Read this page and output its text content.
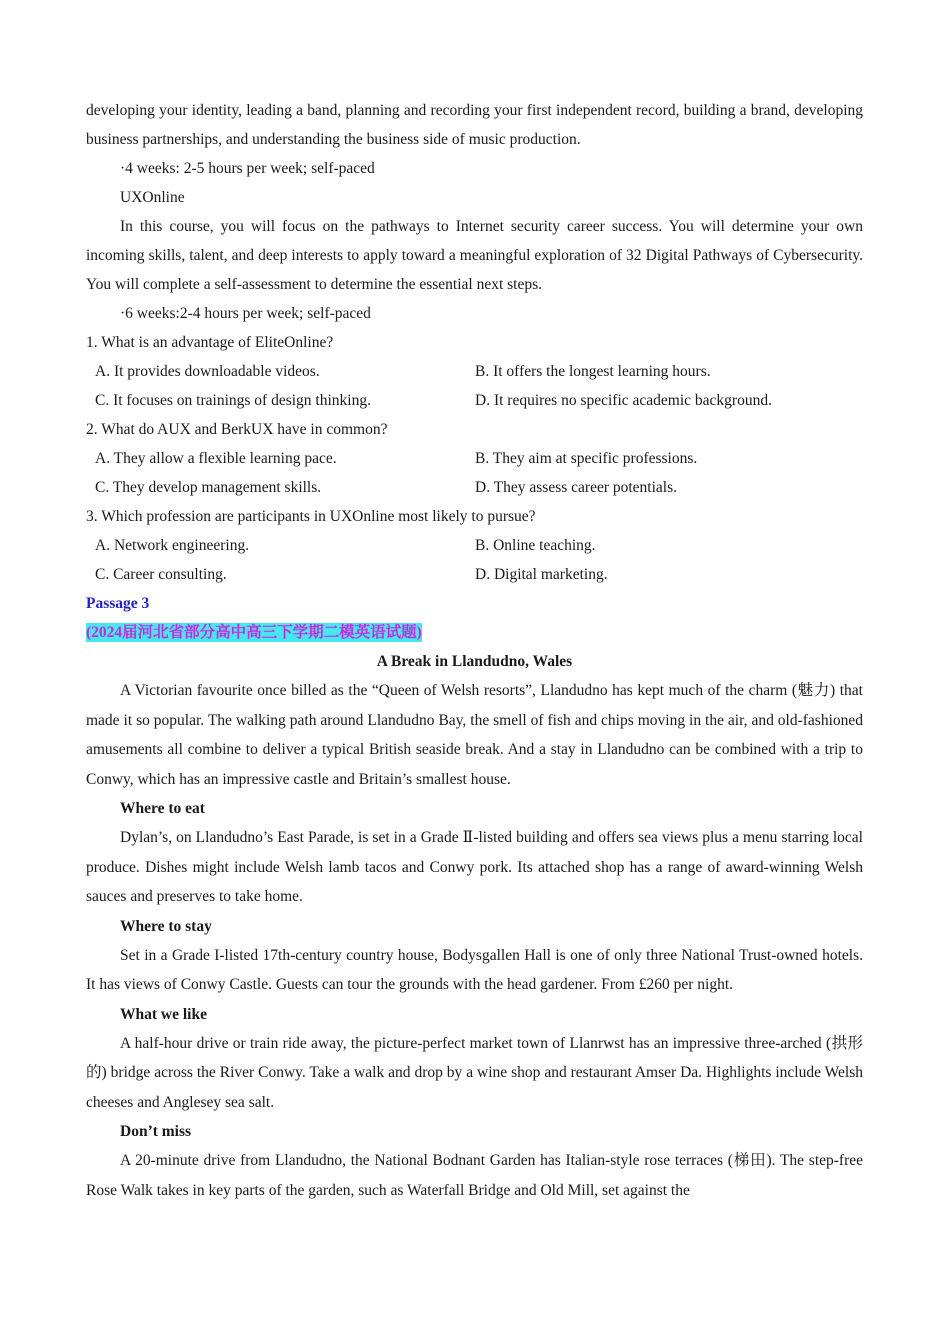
developing your identity, leading a band, planning and recording your first independent record, building a brand, developing business partnerships, and understanding the business side of music production.

·4 weeks: 2-5 hours per week; self-paced

UXOnline

In this course, you will focus on the pathways to Internet security career success. You will determine your own incoming skills, talent, and deep interests to apply toward a meaningful exploration of 32 Digital Pathways of Cybersecurity. You will complete a self-assessment to determine the essential next steps.

·6 weeks:2-4 hours per week; self-paced

1. What is an advantage of EliteOnline?

A. It provides downloadable videos.	B. It offers the longest learning hours.
C. It focuses on trainings of design thinking.	D. It requires no specific academic background.

2. What do AUX and BerkUX have in common?

A. They allow a flexible learning pace.	B. They aim at specific professions.
C. They develop management skills.	D. They assess career potentials.

3. Which profession are participants in UXOnline most likely to pursue?

A. Network engineering.	B. Online teaching.
C. Career consulting.	D. Digital marketing.

Passage 3

(2024届河北省部分高中高三下学期二模英语试题)

A Break in Llandudno, Wales

A Victorian favourite once billed as the “Queen of Welsh resorts”, Llandudno has kept much of the charm (魅力) that made it so popular. The walking path around Llandudno Bay, the smell of fish and chips moving in the air, and old-fashioned amusements all combine to deliver a typical British seaside break. And a stay in Llandudno can be combined with a trip to Conwy, which has an impressive castle and Britain’s smallest house.

Where to eat

Dylan’s, on Llandudno’s East Parade, is set in a Grade Ⅱ-listed building and offers sea views plus a menu starring local produce. Dishes might include Welsh lamb tacos and Conwy pork. Its attached shop has a range of award-winning Welsh sauces and preserves to take home.

Where to stay

Set in a Grade I-listed 17th-century country house, Bodysgallen Hall is one of only three National Trust-owned hotels. It has views of Conwy Castle. Guests can tour the grounds with the head gardener. From £260 per night.

What we like

A half-hour drive or train ride away, the picture-perfect market town of Llanrwst has an impressive three-arched (拱形的) bridge across the River Conwy. Take a walk and drop by a wine shop and restaurant Amser Da. Highlights include Welsh cheeses and Anglesey sea salt.

Don’t miss

A 20-minute drive from Llandudno, the National Bodnant Garden has Italian-style rose terraces (梯田). The step-free Rose Walk takes in key parts of the garden, such as Waterfall Bridge and Old Mill, set against the
